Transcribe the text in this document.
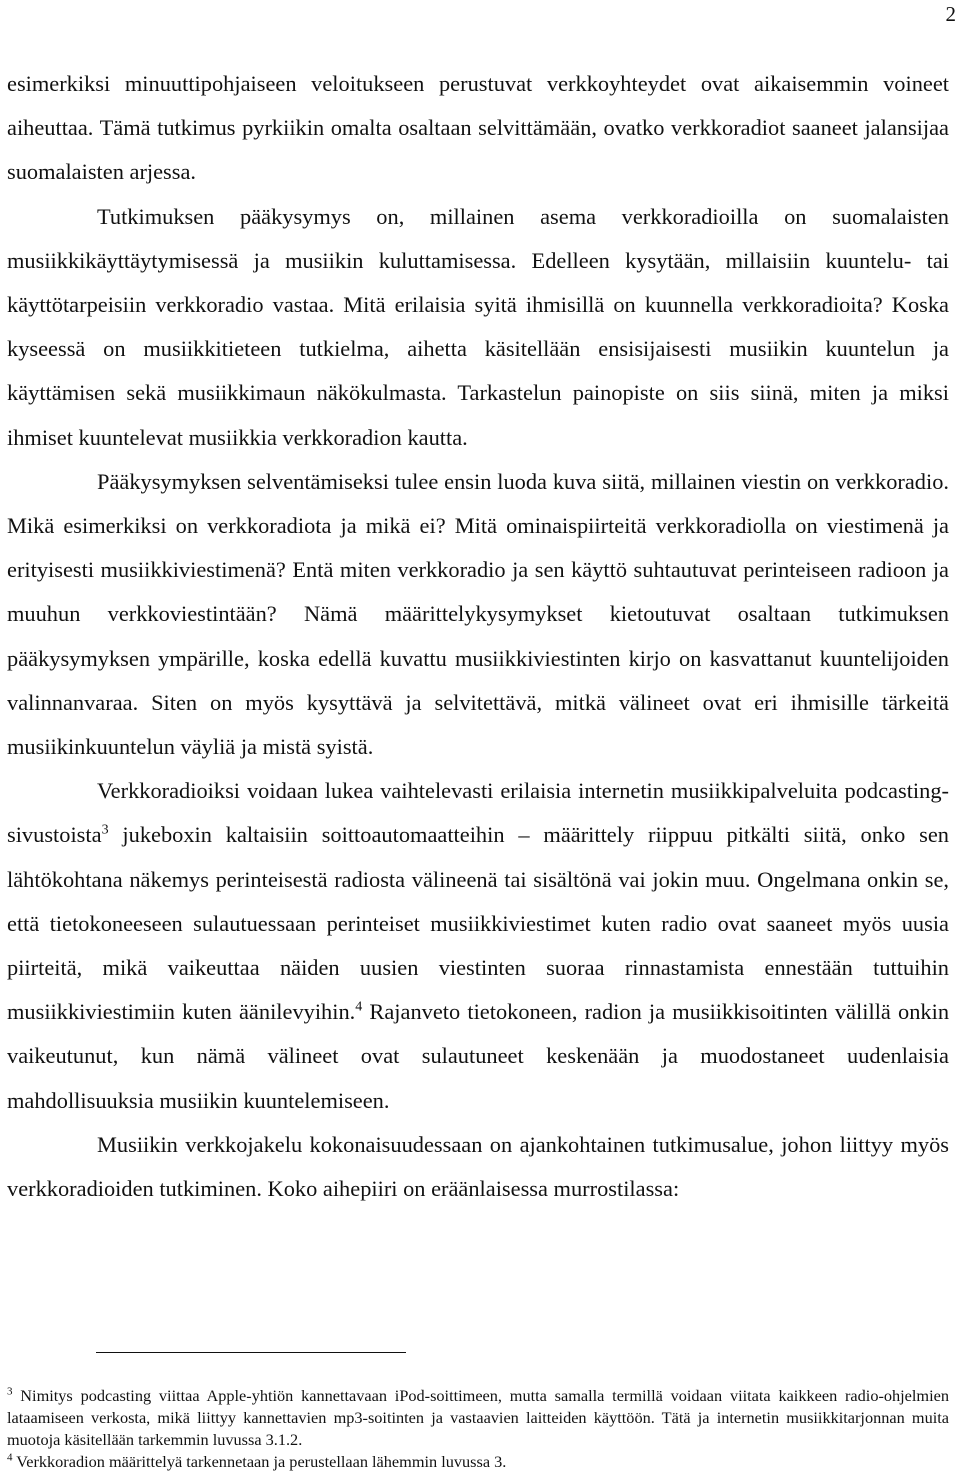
2

esimerkiksi minuuttipohjaiseen veloitukseen perustuvat verkkoyhteydet ovat aikaisemmin voineet aiheuttaa. Tämä tutkimus pyrkiikin omalta osaltaan selvittämään, ovatko verkkoradiot saaneet jalansijaa suomalaisten arjessa.

Tutkimuksen pääkysymys on, millainen asema verkkoradioilla on suomalaisten musiikkikäyttäytymisessä ja musiikin kuluttamisessa. Edelleen kysytään, millaisiin kuuntelu- tai käyttötarpeisiin verkkoradio vastaa. Mitä erilaisia syitä ihmisillä on kuunnella verkkoradioita? Koska kyseessä on musiikkitieteen tutkielma, aihetta käsitellään ensisijaisesti musiikin kuuntelun ja käyttämisen sekä musiikkimaun näkökulmasta. Tarkastelun painopiste on siis siinä, miten ja miksi ihmiset kuuntelevat musiikkia verkkoradion kautta.

Pääkysymyksen selventämiseksi tulee ensin luoda kuva siitä, millainen viestin on verkkoradio. Mikä esimerkiksi on verkkoradiota ja mikä ei? Mitä ominaispiirteitä verkkoradiolla on viestimenä ja erityisesti musiikkiviestimenä? Entä miten verkkoradio ja sen käyttö suhtautuvat perinteiseen radioon ja muuhun verkkoviestintään? Nämä määrittelykysymykset kietoutuvat osaltaan tutkimuksen pääkysymyksen ympärille, koska edellä kuvattu musiikkiviestinten kirjo on kasvattanut kuuntelijoiden valinnanvaraa. Siten on myös kysyttävä ja selvitettävä, mitkä välineet ovat eri ihmisille tärkeitä musiikinkuuntelun väyliä ja mistä syistä.

Verkkoradioiksi voidaan lukea vaihtelevasti erilaisia internetin musiikkipalveluita podcasting-sivustoista$^3$ jukeboxin kaltaisiin soittoautomaatteihin – määrittely riippuu pitkälti siitä, onko sen lähtökohtana näkemys perinteisestä radiosta välineenä tai sisältönä vai jokin muu. Ongelmana onkin se, että tietokoneeseen sulautuessaan perinteiset musiikkiviestimet kuten radio ovat saaneet myös uusia piirteitä, mikä vaikeuttaa näiden uusien viestinten suoraa rinnastamista ennestään tuttuihin musiikkiviestimiin kuten äänilevyihin.$^4$ Rajanveto tietokoneen, radion ja musiikkisoitinten välillä onkin vaikeutunut, kun nämä välineet ovat sulautuneet keskenään ja muodostaneet uudenlaisia mahdollisuuksia musiikin kuuntelemiseen.

Musiikin verkkojakelu kokonaisuudessaan on ajankohtainen tutkimusalue, johon liittyy myös verkkoradioiden tutkiminen. Koko aihepiiri on eräänlaisessa murrostilassa:

$^3$ Nimitys podcasting viittaa Apple-yhtiön kannettavaan iPod-soittimeen, mutta samalla termillä voidaan viitata kaikkeen radio-ohjelmien lataamiseen verkosta, mikä liittyy kannettavien mp3-soitinten ja vastaavien laitteiden käyttöön. Tätä ja internetin musiikkitarjonnan muita muotoja käsitellään tarkemmin luvussa 3.1.2.

$^4$ Verkkoradion määrittelyä tarkennetaan ja perustellaan lähemmin luvussa 3.
